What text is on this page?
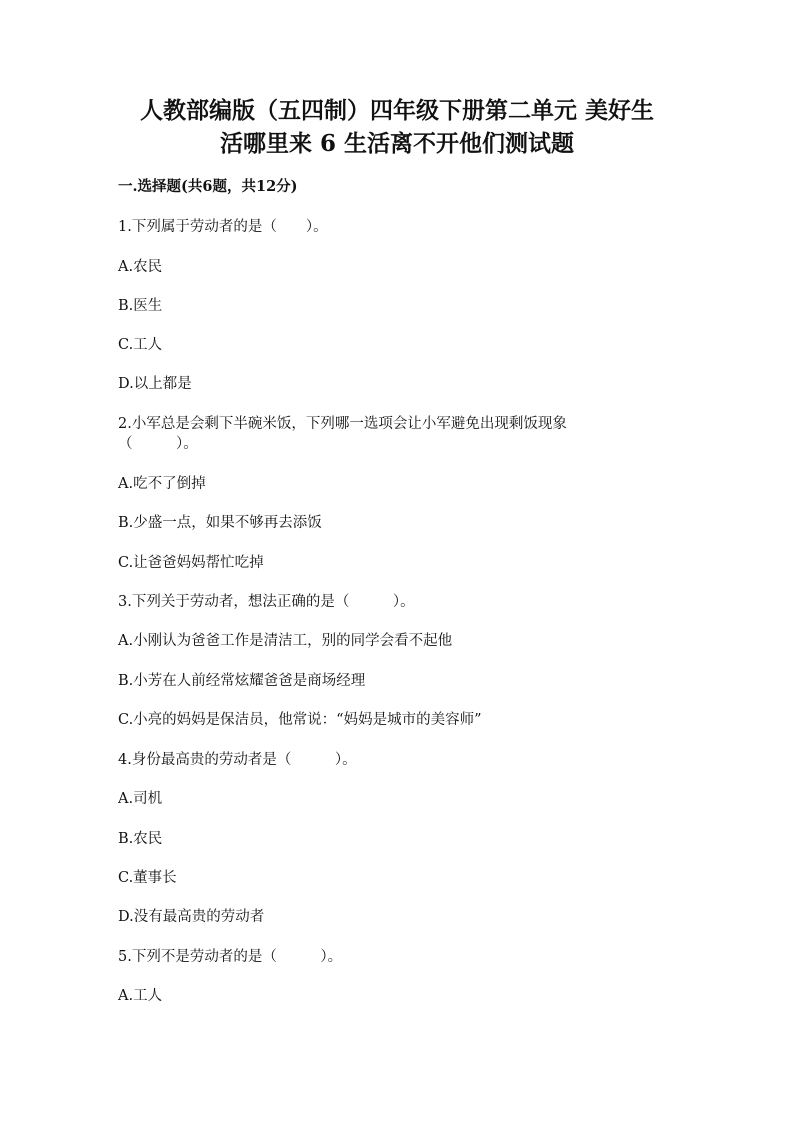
人教部编版（五四制）四年级下册第二单元 美好生
活哪里来 6 生活离不开他们测试题

一.选择题(共6题，共12分)

1.下列属于劳动者的是（　　）。

A.农民

B.医生

C.工人

D.以上都是

2.小军总是会剩下半碗米饭，下列哪一选项会让小军避免出现剩饭现象

（　　　）。

A.吃不了倒掉

B.少盛一点，如果不够再去添饭

C.让爸爸妈妈帮忙吃掉

3.下列关于劳动者，想法正确的是（　　　）。

A.小刚认为爸爸工作是清洁工，别的同学会看不起他

B.小芳在人前经常炫耀爸爸是商场经理

C.小亮的妈妈是保洁员，他常说：“妈妈是城市的美容师”

4.身份最高贵的劳动者是（　　　）。

A.司机

B.农民

C.董事长

D.没有最高贵的劳动者

5.下列不是劳动者的是（　　　）。

A.工人
